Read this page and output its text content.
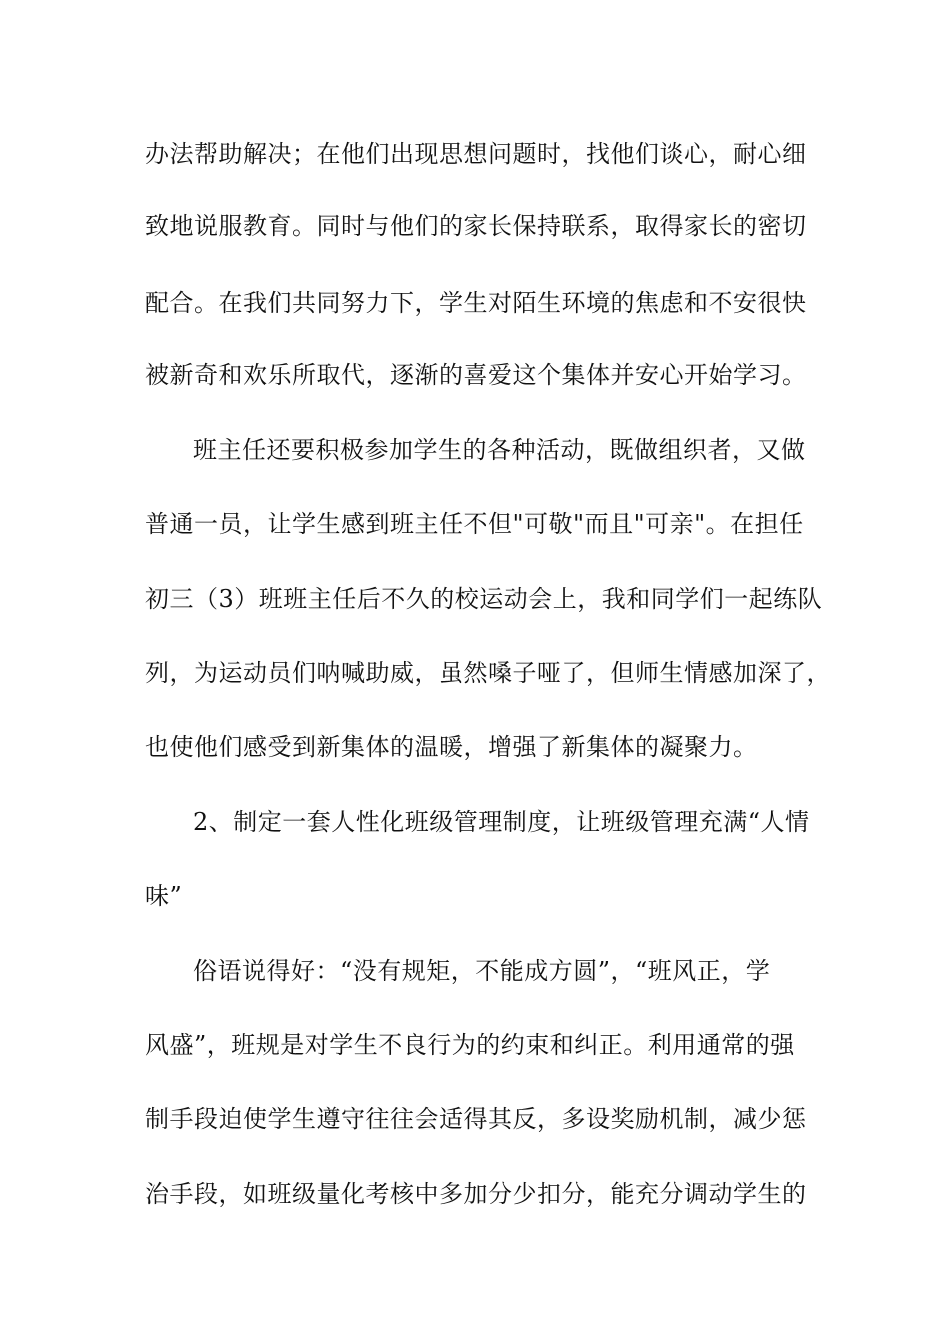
办法帮助解决；在他们出现思想问题时，找他们谈心，耐心细
致地说服教育。同时与他们的家长保持联系，取得家长的密切
配合。在我们共同努力下，学生对陌生环境的焦虑和不安很快
被新奇和欢乐所取代，逐渐的喜爱这个集体并安心开始学习。
班主任还要积极参加学生的各种活动，既做组织者，又做
普通一员，让学生感到班主任不但"可敬"而且"可亲"。在担任
初三（3）班班主任后不久的校运动会上，我和同学们一起练队
列，为运动员们呐喊助威，虽然嗓子哑了，但师生情感加深了，
也使他们感受到新集体的温暖，增强了新集体的凝聚力。
2、制定一套人性化班级管理制度，让班级管理充满“人情
味”
俗语说得好：“没有规矩，不能成方圆”，“班风正，学
风盛”，班规是对学生不良行为的约束和纠正。利用通常的强
制手段迫使学生遵守往往会适得其反，多设奖励机制，减少惩
治手段，如班级量化考核中多加分少扣分，能充分调动学生的
